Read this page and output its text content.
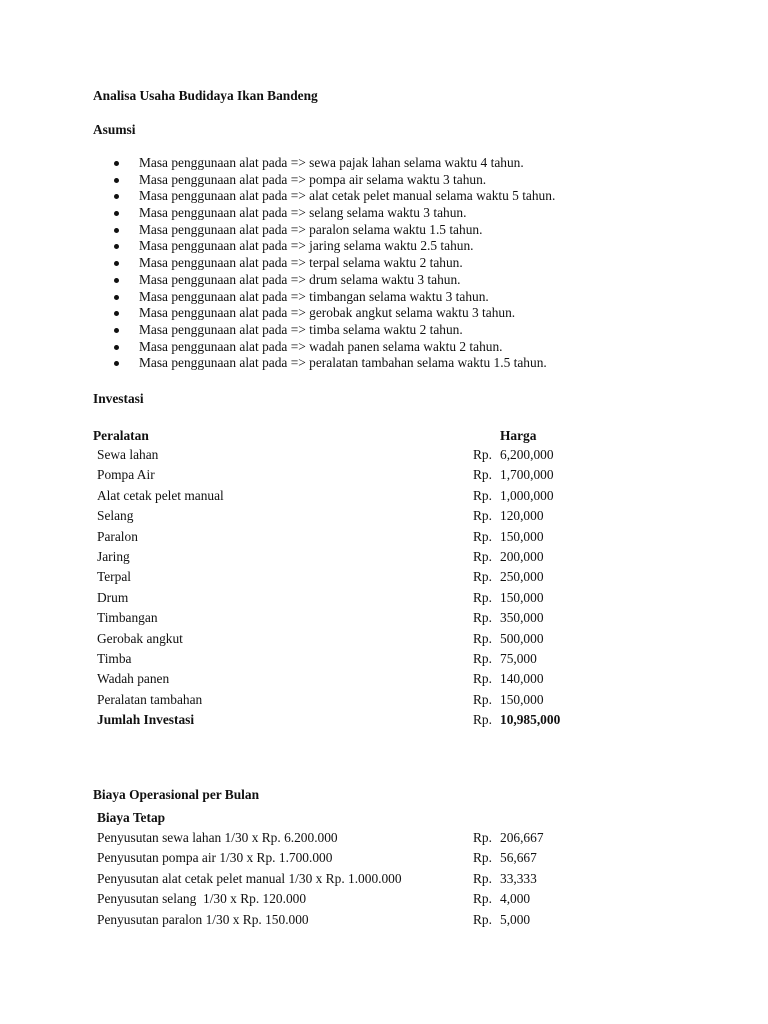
Analisa Usaha Budidaya Ikan Bandeng
Asumsi
Masa penggunaan alat pada => sewa pajak lahan selama waktu 4 tahun.
Masa penggunaan alat pada => pompa air selama waktu 3 tahun.
Masa penggunaan alat pada => alat cetak pelet manual selama waktu 5 tahun.
Masa penggunaan alat pada => selang selama waktu 3 tahun.
Masa penggunaan alat pada => paralon selama waktu 1.5 tahun.
Masa penggunaan alat pada => jaring selama waktu 2.5 tahun.
Masa penggunaan alat pada => terpal selama waktu 2 tahun.
Masa penggunaan alat pada => drum selama waktu 3 tahun.
Masa penggunaan alat pada => timbangan selama waktu 3 tahun.
Masa penggunaan alat pada => gerobak angkut selama waktu 3 tahun.
Masa penggunaan alat pada => timba selama waktu 2 tahun.
Masa penggunaan alat pada => wadah panen selama waktu 2 tahun.
Masa penggunaan alat pada => peralatan tambahan selama waktu 1.5 tahun.
Investasi
Peralatan	Harga
Sewa lahan	Rp. 6,200,000
Pompa Air	Rp. 1,700,000
Alat cetak pelet manual	Rp. 1,000,000
Selang	Rp. 120,000
Paralon	Rp. 150,000
Jaring	Rp. 200,000
Terpal	Rp. 250,000
Drum	Rp. 150,000
Timbangan	Rp. 350,000
Gerobak angkut	Rp. 500,000
Timba	Rp. 75,000
Wadah panen	Rp. 140,000
Peralatan tambahan	Rp. 150,000
Jumlah Investasi	Rp. 10,985,000
Biaya Operasional per Bulan
Biaya Tetap
Penyusutan sewa lahan 1/30 x Rp. 6.200.000	Rp. 206,667
Penyusutan pompa air 1/30 x Rp. 1.700.000	Rp. 56,667
Penyusutan alat cetak pelet manual 1/30 x Rp. 1.000.000	Rp. 33,333
Penyusutan selang  1/30 x Rp. 120.000	Rp. 4,000
Penyusutan paralon 1/30 x Rp. 150.000	Rp. 5,000
